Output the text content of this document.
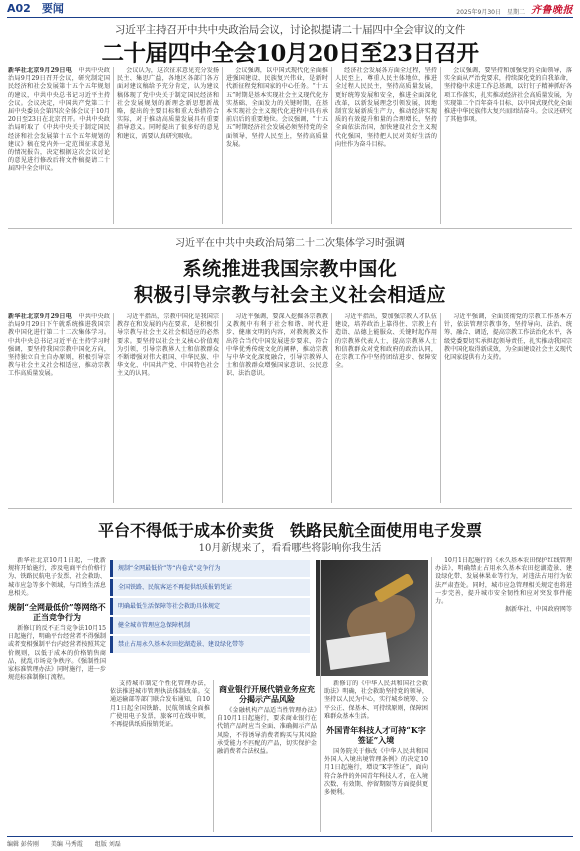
A02　 要闻	2025年9月30日 星期二 齐鲁晚报
习近平主持召开中共中央政治局会议，讨论拟提请二十届四中全会审议的文件
二十届四中全会10月20日至23日召开

新华社北京9月29日电　 中共中央政治局9月29日召开会议，研究制定国民经济和社会发展第十五个五年规划的建议，中共中央总书记习近平主持会议。会议决定，中国共产党第二十届中央委员会第四次全体会议于10月20日至23日在北京召开。中共中央政治局听取了《中共中央关于制定国民经济和社会发展第十五个五年规划的建议》稿在党内外一定范围征求意见的情况报告，决定根据这次会议讨论的意见进行修改后将文件稿提请二十届四中全会审议。

会议认为，这次征求意见充分发扬民主、集思广益，各地区各部门各方面对建议稿给予充分肯定，认为建议稿体现了党中央关于制定国民经济和社会发展规划的新理念新思想新战略，提出的主要目标和重大举措符合实际，对于推动高质量发展具有重要指导意义。同时提出了很多好的意见和建议，需要认真研究吸收。

会议强调，以中国式现代化全面推进强国建设、民族复兴伟业，是新时代新征程党和国家的中心任务。“十五五”时期是基本实现社会主义现代化夯实基础、全面发力的关键时期，在基本实现社会主义现代化进程中具有承前启后的重要地位。会议强调，“十五五”时期经济社会发展必须坚持党的全面领导，坚持人民至上，坚持高质量发展。

经济社会发展各方面全过程，坚持人民至上，尊重人民主体地位，推进全过程人民民主，坚持高质量发展，更好统筹发展和安全，推进全面深化改革，以新发展理念引领发展，因地制宜发展新质生产力，推动经济实现质的有效提升和量的合理增长，坚持全面依法治国，加快建设社会主义现代化强国，坚持把人民对美好生活的向往作为奋斗目标。

会议强调，要坚持和加强党的全面领导，落实全面从严治党要求，持续深化党的自我革命，坚持稳中求进工作总基调，以钉钉子精神抓好各项工作落实，扎实推动经济社会高质量发展，为实现第二个百年奋斗目标、以中国式现代化全面推进中华民族伟大复兴而团结奋斗。会议还研究了其他事项。

习近平在中共中央政治局第二十二次集体学习时强调
系统推进我国宗教中国化
积极引导宗教与社会主义社会相适应

新华社北京9月29日电　 中共中央政治局9月29日下午就系统推进我国宗教中国化进行第二十二次集体学习。中共中央总书记习近平在主持学习时强调，要坚持我国宗教中国化方向，坚持独立自主自办原则，积极引导宗教与社会主义社会相适应，推动宗教工作高质量发展。

习近平指出，宗教中国化是我国宗教存在和发展的内在要求，是积极引导宗教与社会主义社会相适应的必然要求。要坚持以社会主义核心价值观为引领，引导宗教界人士和信教群众不断增强对伟大祖国、中华民族、中华文化、中国共产党、中国特色社会主义的认同。

习近平强调，要深入挖掘各宗教教义教规中有利于社会和谐、时代进步、健康文明的内容，对教规教义作出符合当代中国发展进步要求、符合中华优秀传统文化的阐释，推动宗教与中华文化深度融合，引导宗教界人士和信教群众增强国家意识、公民意识、法治意识。

习近平指出，要加强宗教人才队伍建设，培养政治上靠得住、宗教上有造诣、品德上能服众、关键时起作用的宗教界代表人士，提高宗教界人士和信教群众对党和政府的政治认同，在宗教工作中坚持团结进步、保障安全。

习近平强调，全面贯彻党的宗教工作基本方针，依法管理宗教事务，坚持导向、法治、统筹、融合、调适，提高宗教工作法治化水平，各级党委要切实承担起领导责任，扎实推动我国宗教中国化取得新成效，为全面建设社会主义现代化国家提供有力支持。

平台不得低于成本价卖货　铁路民航全面使用电子发票
10月新规来了，看看哪些将影响你我生活

新华社北京10月1日起，一批新规将开始施行，涉及电商平台价格行为、铁路民航电子发票、社会救助、城市应急等多个领域，与百姓生活息息相关。

规制“全网最低价”等网络不正当竞争行为

新修订的反不正当竞争法10月15日起施行，明确平台经营者不得强制或者变相强制平台内经营者按照其定价规则，以低于成本的价格销售商品，扰乱市场竞争秩序。《强制性国家标准管理办法》同时施行，进一步规范标准制修订流程。

规制“全网最低价”等“内卷式”竞争行为
全国铁路、民航客运不再提供纸质报销凭证
明确最低生活保障等社会救助具体规定
健全城市管理应急保障机制
禁止占用永久基本农田挖湖造景、建设绿化带等

支持城市制定个性化管理办法，依法推进城市管理执法体制改革。交通运输部等部门联合发布通知，自10月1日起全国铁路、民航领域全面推广使用电子发票，旅客可在线申领，不再提供纸质报销凭证。

商业银行开展代销业务应充分揭示产品风险

《金融机构产品适当性管理办法》自10月1日起施行，要求商业银行在代销产品时应当全面、准确揭示产品风险，不得诱导消费者购买与其风险承受能力不匹配的产品，切实保护金融消费者合法权益。

新修订的《中华人民共和国社会救助法》明确，社会救助坚持党的领导，坚持以人民为中心，实行城乡统筹、公平公正、保基本、可持续原则，保障困难群众基本生活。

外国青年科技人才可持“K字签证”入境

国务院关于修改《中华人民共和国外国人入境出境管理条例》的决定10月1日起施行，增设“K字签证”，面向符合条件的外国青年科技人才，在入境次数、有效期、停留期限等方面提供更多便利。

10月1日起施行的《永久基本农田保护红线管理办法》，明确禁止占用永久基本农田挖湖造景、建设绿化带、发展林果业等行为，对违法占用行为依法严肃查处。同时，城市应急管理相关规定也将进一步完善，提升城市安全韧性和应对突发事件能力。

据新华社、中国政府网等

编辑 彭传刚 美编 马秀霞 组版 刘磊
